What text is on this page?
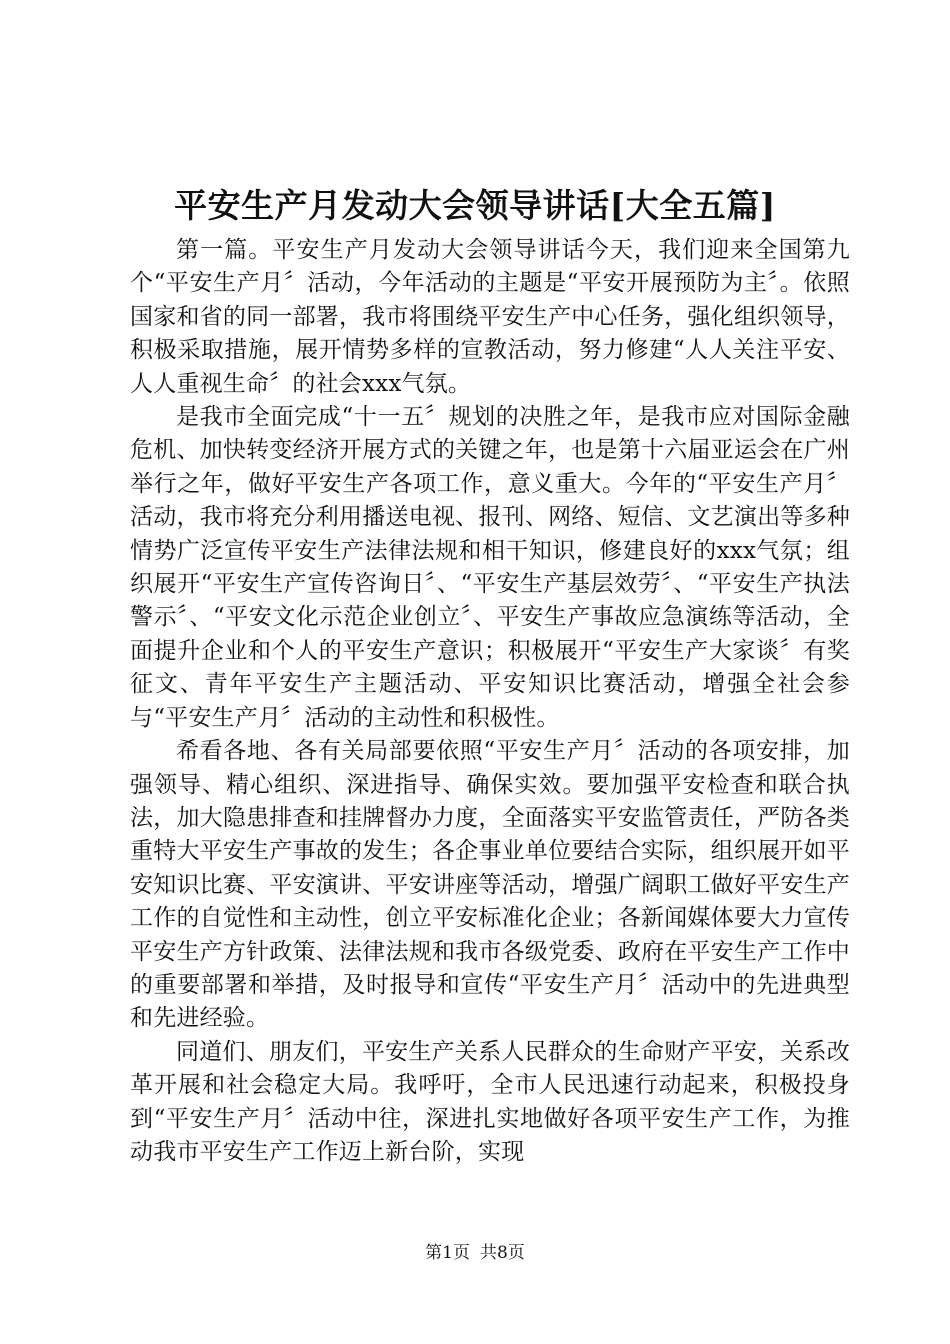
平安生产月发动大会领导讲话[大全五篇]

第一篇。平安生产月发动大会领导讲话今天，我们迎来全国第九个“平安生产月〞活动，今年活动的主题是“平安开展预防为主〞。依照国家和省的同一部署，我市将围绕平安生产中心任务，强化组织领导，积极采取措施，展开情势多样的宣教活动，努力修建“人人关注平安、人人重视生命〞的社会xxx气氛。

是我市全面完成“十一五〞规划的决胜之年，是我市应对国际金融危机、加快转变经济开展方式的关键之年，也是第十六届亚运会在广州举行之年，做好平安生产各项工作，意义重大。今年的“平安生产月〞活动，我市将充分利用播送电视、报刊、网络、短信、文艺演出等多种情势广泛宣传平安生产法律法规和相干知识，修建良好的xxx气氛；组织展开“平安生产宣传咨询日〞、“平安生产基层效劳〞、“平安生产执法警示〞、“平安文化示范企业创立〞、平安生产事故应急演练等活动，全面提升企业和个人的平安生产意识；积极展开“平安生产大家谈〞有奖征文、青年平安生产主题活动、平安知识比赛活动，增强全社会参与“平安生产月〞活动的主动性和积极性。

希看各地、各有关局部要依照“平安生产月〞活动的各项安排，加强领导、精心组织、深进指导、确保实效。要加强平安检查和联合执法，加大隐患排查和挂牌督办力度，全面落实平安监管责任，严防各类重特大平安生产事故的发生；各企事业单位要结合实际，组织展开如平安知识比赛、平安演讲、平安讲座等活动，增强广阔职工做好平安生产工作的自觉性和主动性，创立平安标准化企业；各新闻媒体要大力宣传平安生产方针政策、法律法规和我市各级党委、政府在平安生产工作中的重要部署和举措，及时报导和宣传“平安生产月〞活动中的先进典型和先进经验。

同道们、朋友们，平安生产关系人民群众的生命财产平安，关系改革开展和社会稳定大局。我呼吁，全市人民迅速行动起来，积极投身到“平安生产月〞活动中往，深进扎实地做好各项平安生产工作，为推动我市平安生产工作迈上新台阶，实现

第1页 共8页
